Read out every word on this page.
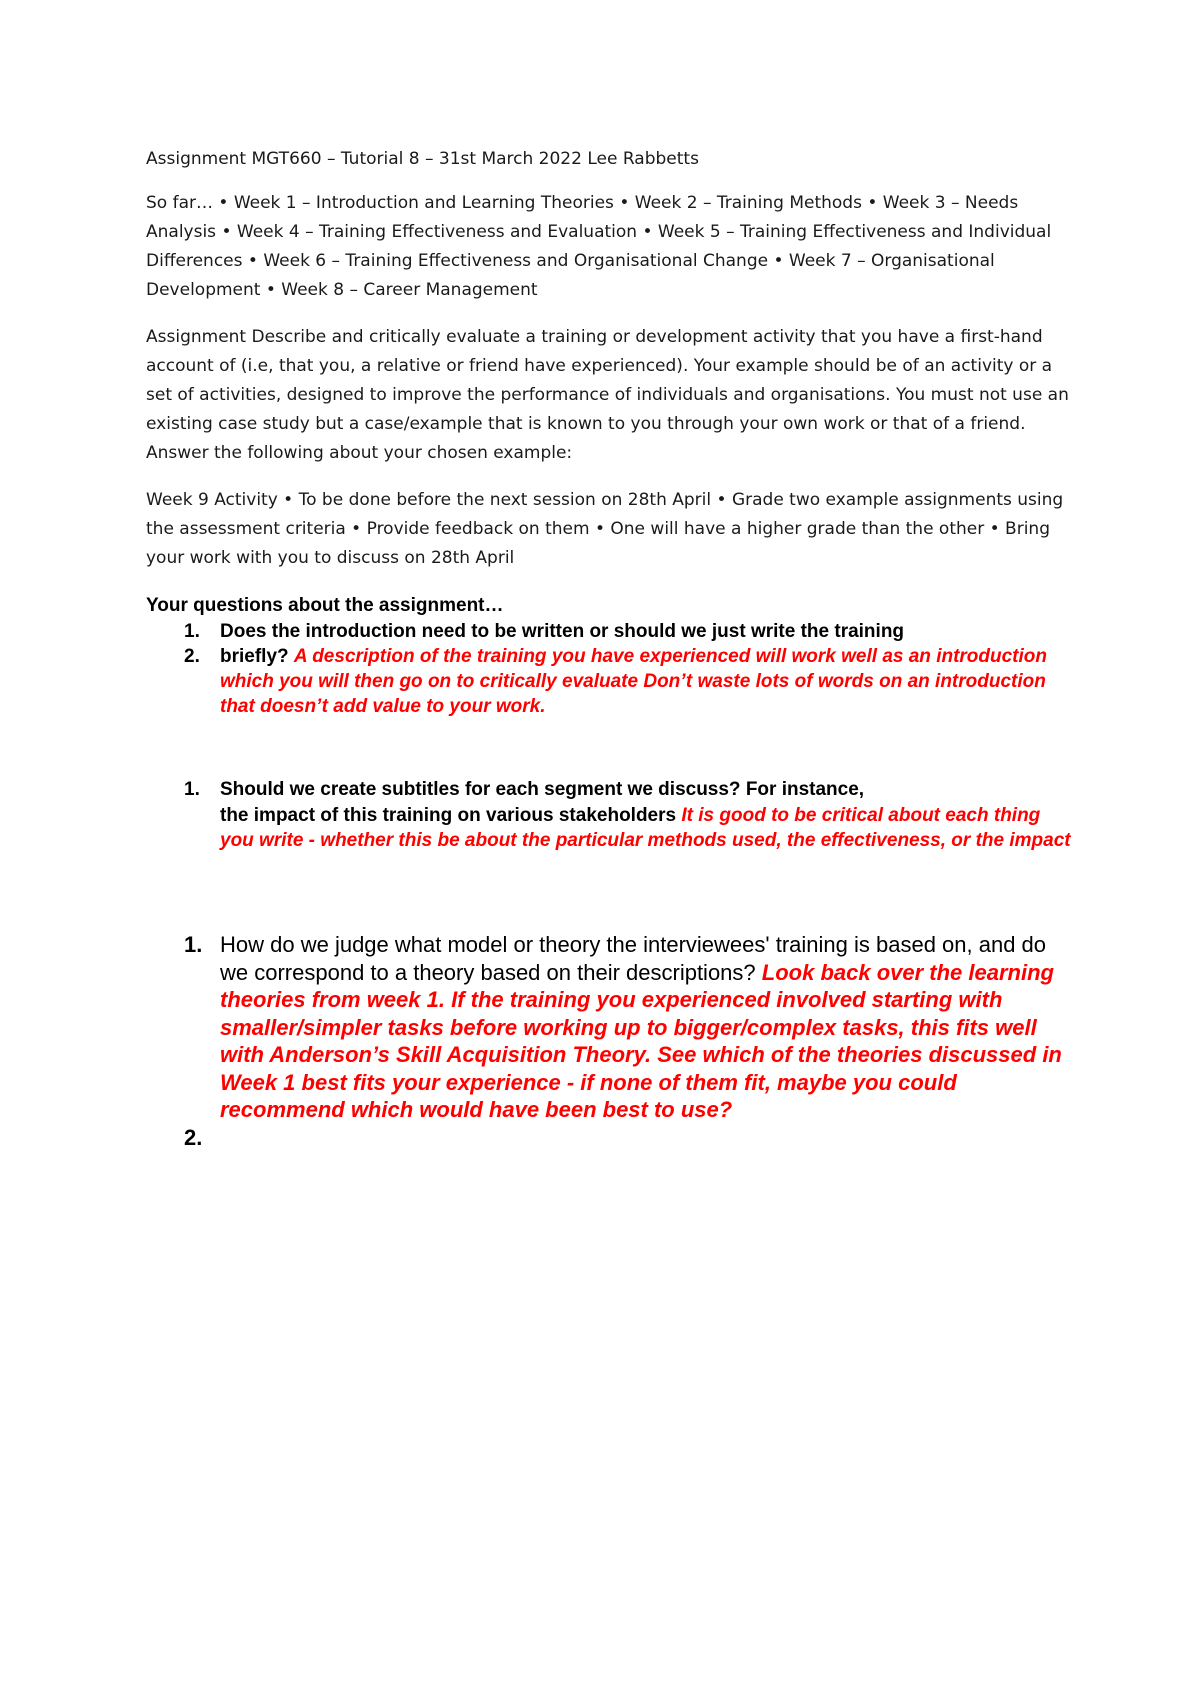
Assignment MGT660 – Tutorial 8 – 31st March 2022 Lee Rabbetts

So far… • Week 1 – Introduction and Learning Theories • Week 2 – Training Methods • Week 3 – Needs Analysis • Week 4 – Training Effectiveness and Evaluation • Week 5 – Training Effectiveness and Individual Differences • Week 6 – Training Effectiveness and Organisational Change • Week 7 – Organisational Development • Week 8 – Career Management

Assignment Describe and critically evaluate a training or development activity that you have a first-hand account of (i.e, that you, a relative or friend have experienced). Your example should be of an activity or a set of activities, designed to improve the performance of individuals and organisations. You must not use an existing case study but a case/example that is known to you through your own work or that of a friend. Answer the following about your chosen example:

Week 9 Activity • To be done before the next session on 28th April • Grade two example assignments using the assessment criteria • Provide feedback on them • One will have a higher grade than the other • Bring your work with you to discuss on 28th April

Your questions about the assignment…

1. Does the introduction need to be written or should we just write the training
2. briefly? A description of the training you have experienced will work well as an introduction which you will then go on to critically evaluate Don’t waste lots of words on an introduction that doesn’t add value to your work.
1. Should we create subtitles for each segment we discuss? For instance,
the impact of this training on various stakeholders It is good to be critical about each thing you write - whether this be about the particular methods used, the effectiveness, or the impact
1. How do we judge what model or theory the interviewees' training is based on, and do we correspond to a theory based on their descriptions? Look back over the learning theories from week 1. If the training you experienced involved starting with smaller/simpler tasks before working up to bigger/complex tasks, this fits well with Anderson’s Skill Acquisition Theory. See which of the theories discussed in Week 1 best fits your experience - if none of them fit, maybe you could recommend which would have been best to use?
2.
